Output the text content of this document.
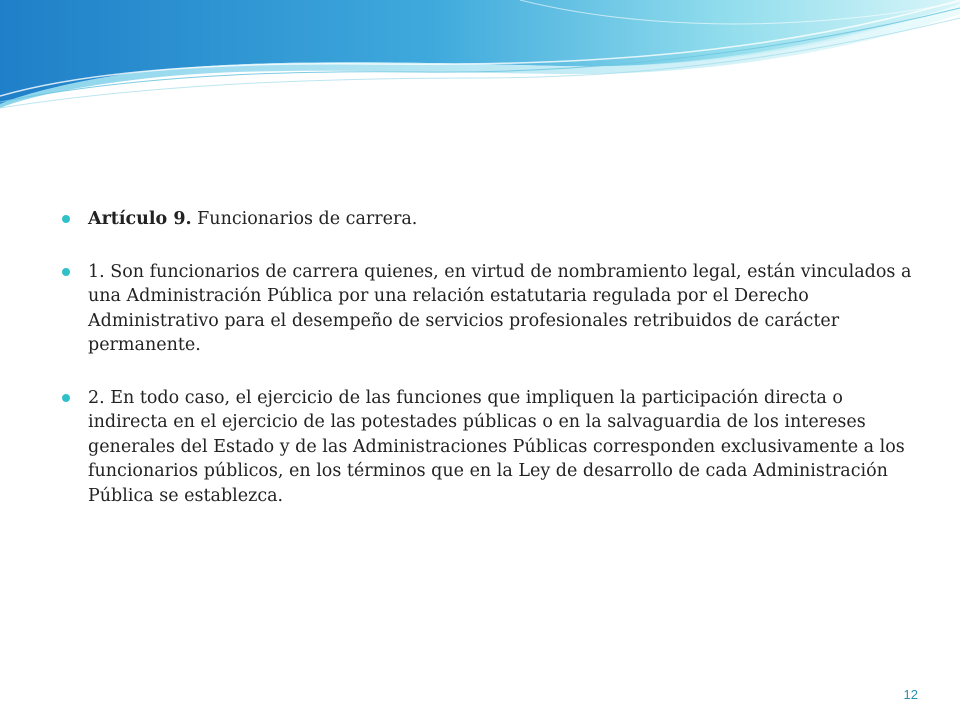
Artículo 9. Funcionarios de carrera.

1. Son funcionarios de carrera quienes, en virtud de nombramiento legal, están vinculados a una Administración Pública por una relación estatutaria regulada por el Derecho Administrativo para el desempeño de servicios profesionales retribuidos de carácter permanente.

2. En todo caso, el ejercicio de las funciones que impliquen la participación directa o indirecta en el ejercicio de las potestades públicas o en la salvaguardia de los intereses generales del Estado y de las Administraciones Públicas corresponden exclusivamente a los funcionarios públicos, en los términos que en la Ley de desarrollo de cada Administración Pública se establezca.

12
